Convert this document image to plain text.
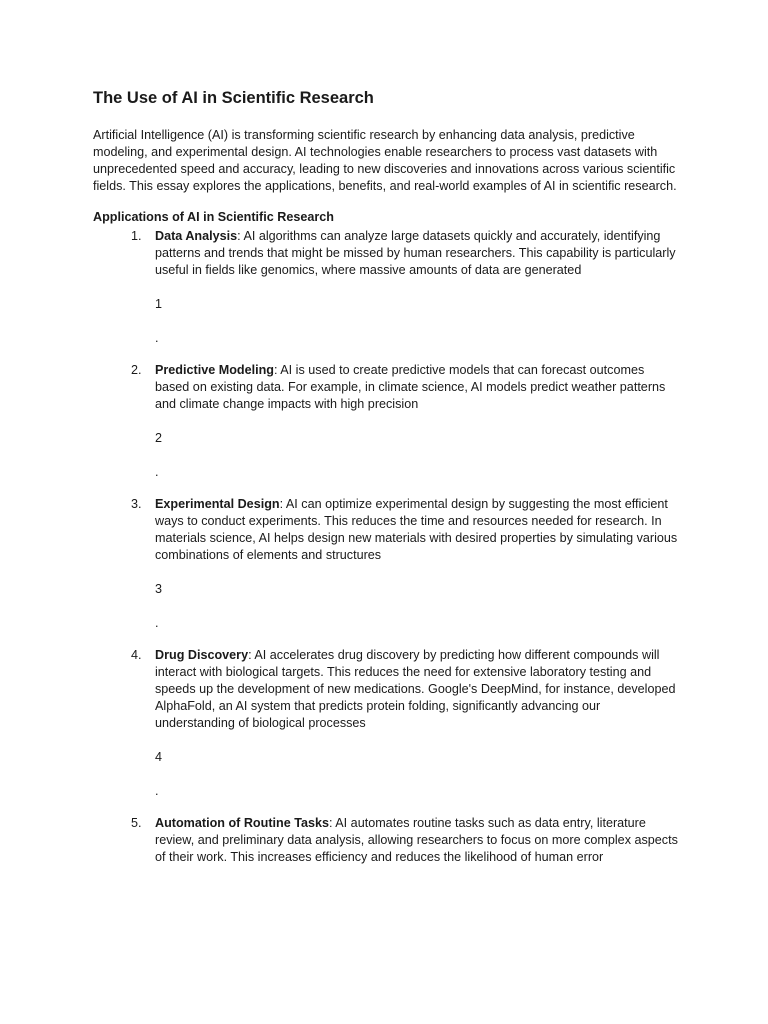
The Use of AI in Scientific Research

Artificial Intelligence (AI) is transforming scientific research by enhancing data analysis, predictive modeling, and experimental design. AI technologies enable researchers to process vast datasets with unprecedented speed and accuracy, leading to new discoveries and innovations across various scientific fields. This essay explores the applications, benefits, and real-world examples of AI in scientific research.

Applications of AI in Scientific Research
1. Data Analysis: AI algorithms can analyze large datasets quickly and accurately, identifying patterns and trends that might be missed by human researchers. This capability is particularly useful in fields like genomics, where massive amounts of data are generated
1
.
2. Predictive Modeling: AI is used to create predictive models that can forecast outcomes based on existing data. For example, in climate science, AI models predict weather patterns and climate change impacts with high precision
2
.
3. Experimental Design: AI can optimize experimental design by suggesting the most efficient ways to conduct experiments. This reduces the time and resources needed for research. In materials science, AI helps design new materials with desired properties by simulating various combinations of elements and structures
3
.
4. Drug Discovery: AI accelerates drug discovery by predicting how different compounds will interact with biological targets. This reduces the need for extensive laboratory testing and speeds up the development of new medications. Google's DeepMind, for instance, developed AlphaFold, an AI system that predicts protein folding, significantly advancing our understanding of biological processes
4
.
5. Automation of Routine Tasks: AI automates routine tasks such as data entry, literature review, and preliminary data analysis, allowing researchers to focus on more complex aspects of their work. This increases efficiency and reduces the likelihood of human error
